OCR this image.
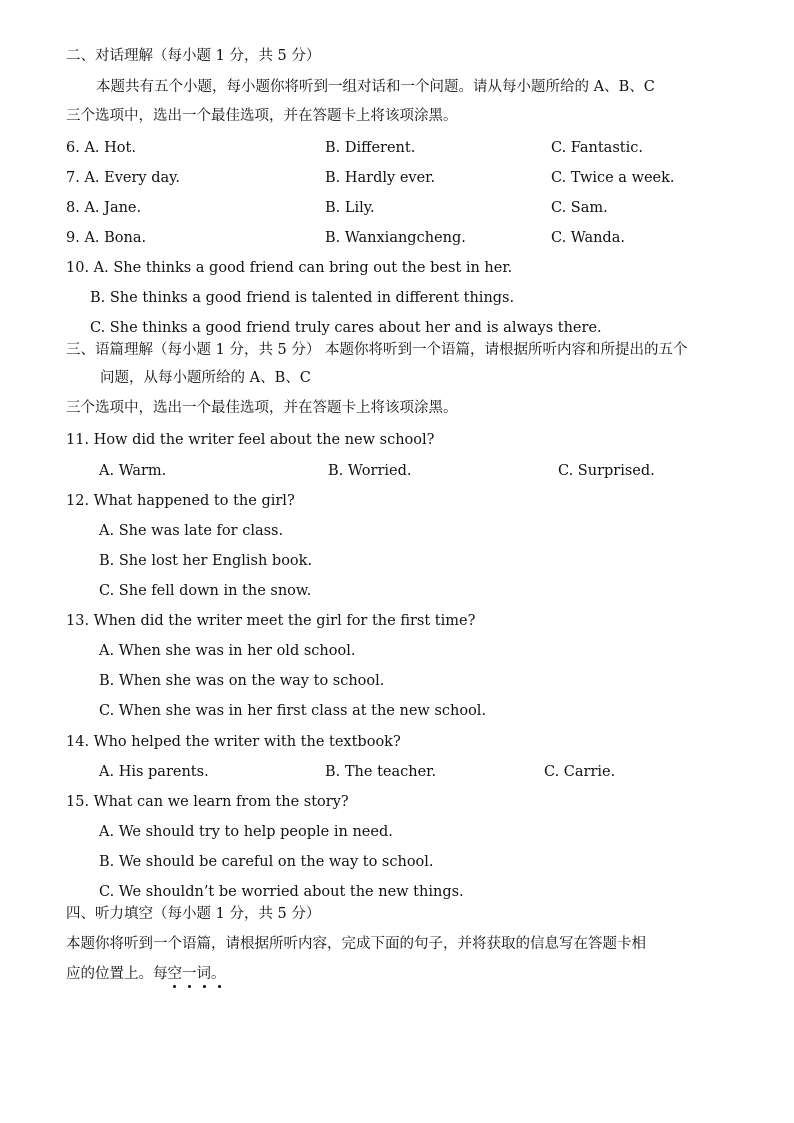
二、对话理解（每小题 1 分，共 5 分）
本题共有五个小题，每小题你将听到一组对话和一个问题。请从每小题所给的 A、B、C
三个选项中，选出一个最佳选项，并在答题卡上将该项涂黑。
6. A. Hot.	B. Different.	C. Fantastic.
7. A. Every day.	B. Hardly ever.	C. Twice a week.
8. A. Jane.	B. Lily.	C. Sam.
9. A. Bona.	B. Wanxiangcheng.	C. Wanda.
10. A. She thinks a good friend can bring out the best in her.
B. She thinks a good friend is talented in different things.
C. She thinks a good friend truly cares about her and is always there.
三、语篇理解（每小题 1 分，共 5 分） 本题你将听到一个语篇，请根据所听内容和所提出的五个
问题，从每小题所给的 A、B、C
三个选项中，选出一个最佳选项，并在答题卡上将该项涂黑。
11. How did the writer feel about the new school?
A. Warm.	B. Worried.	C. Surprised.
12. What happened to the girl?
A. She was late for class.
B. She lost her English book.
C. She fell down in the snow.
13. When did the writer meet the girl for the first time?
A. When she was in her old school.
B. When she was on the way to school.
C. When she was in her first class at the new school.
14. Who helped the writer with the textbook?
A. His parents.	B. The teacher.	C. Carrie.
15. What can we learn from the story?
A. We should try to help people in need.
B. We should be careful on the way to school.
C. We shouldn’t be worried about the new things.
四、听力填空（每小题 1 分，共 5 分）
本题你将听到一个语篇，请根据所听内容，完成下面的句子，并将获取的信息写在答题卡相
应的位置上。每空一词。
